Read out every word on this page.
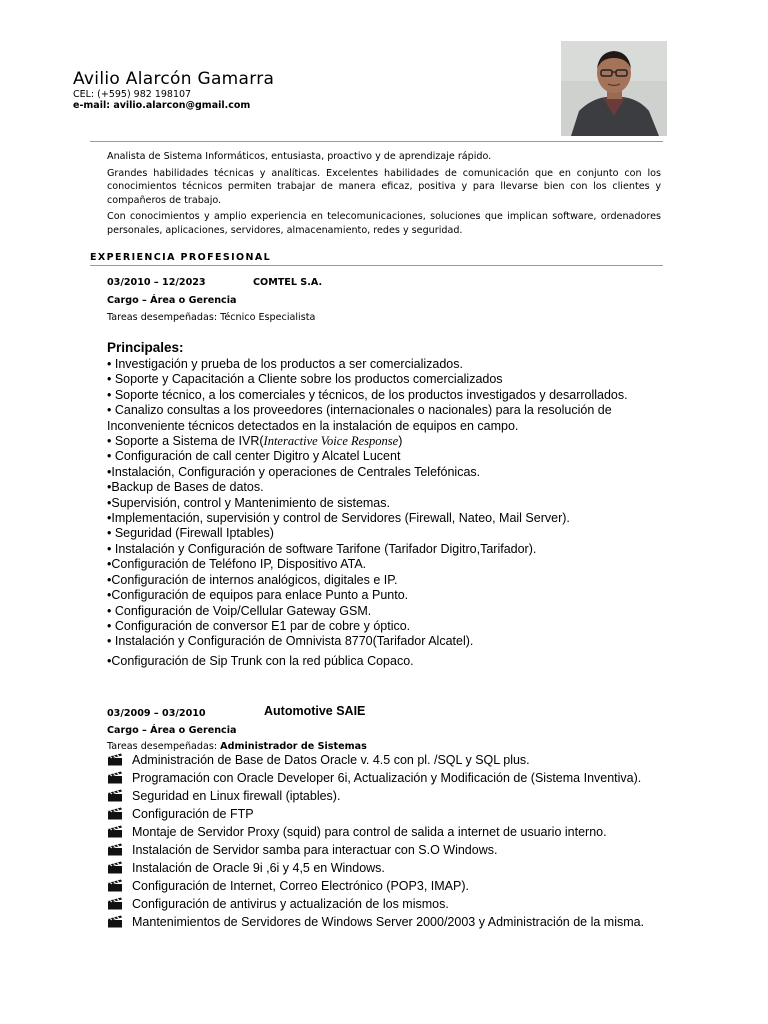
Avilio Alarcón Gamarra
CEL: (+595) 982 198107
e-mail: avilio.alarcon@gmail.com

Analista de Sistema Informáticos, entusiasta, proactivo y de aprendizaje rápido.

Grandes habilidades técnicas y analíticas. Excelentes habilidades de comunicación que en conjunto con los conocimientos técnicos permiten trabajar de manera eficaz, positiva y para llevarse bien con los clientes y compañeros de trabajo.

Con conocimientos y amplio experiencia en telecomunicaciones, soluciones que implican software, ordenadores personales, aplicaciones, servidores, almacenamiento, redes y seguridad.

EXPERIENCIA PROFESIONAL
03/2010 – 12/2023	COMTEL S.A.
Cargo – Área o Gerencia
Tareas desempeñadas: Técnico Especialista
Principales:
• Investigación y prueba de los productos a ser comercializados.
• Soporte y Capacitación a Cliente sobre los productos comercializados
• Soporte técnico, a los comerciales y técnicos, de los productos investigados y desarrollados.
• Canalizo consultas a los proveedores (internacionales o nacionales) para la resolución de Inconveniente técnicos detectados en la instalación de equipos en campo.
• Soporte a Sistema de IVR(Interactive Voice Response)
• Configuración de call center Digitro y Alcatel Lucent
•Instalación, Configuración y operaciones de Centrales Telefónicas.
•Backup de Bases de datos.
•Supervisión, control y Mantenimiento de sistemas.
•Implementación, supervisión y control de Servidores (Firewall, Nateo, Mail Server).
• Seguridad (Firewall Iptables)
• Instalación y Configuración de software Tarifone (Tarifador Digitro,Tarifador).
•Configuración de Teléfono IP, Dispositivo ATA.
•Configuración de internos analógicos, digitales e IP.
•Configuración de equipos para enlace Punto a Punto.
• Configuración de Voip/Cellular Gateway GSM.
• Configuración de conversor E1 par de cobre y óptico.
• Instalación y Configuración de Omnivista 8770(Tarifador Alcatel).
•Configuración de Sip Trunk con la red pública Copaco.
03/2009 – 03/2010	Automotive SAIE
Cargo – Área o Gerencia
Tareas desempeñadas: Administrador de Sistemas
Administración de Base de Datos Oracle v. 4.5 con pl. /SQL y SQL plus.
Programación con Oracle Developer 6i, Actualización y Modificación de (Sistema Inventiva).
Seguridad en Linux firewall (iptables).
Configuración de FTP
Montaje de Servidor Proxy (squid) para control de salida a internet de usuario interno.
Instalación de Servidor samba para interactuar con S.O Windows.
Instalación de Oracle 9i ,6i y 4,5 en Windows.
Configuración de Internet, Correo Electrónico (POP3, IMAP).
Configuración de antivirus y actualización de los mismos.
Mantenimientos de Servidores de Windows Server 2000/2003 y Administración de la misma.
